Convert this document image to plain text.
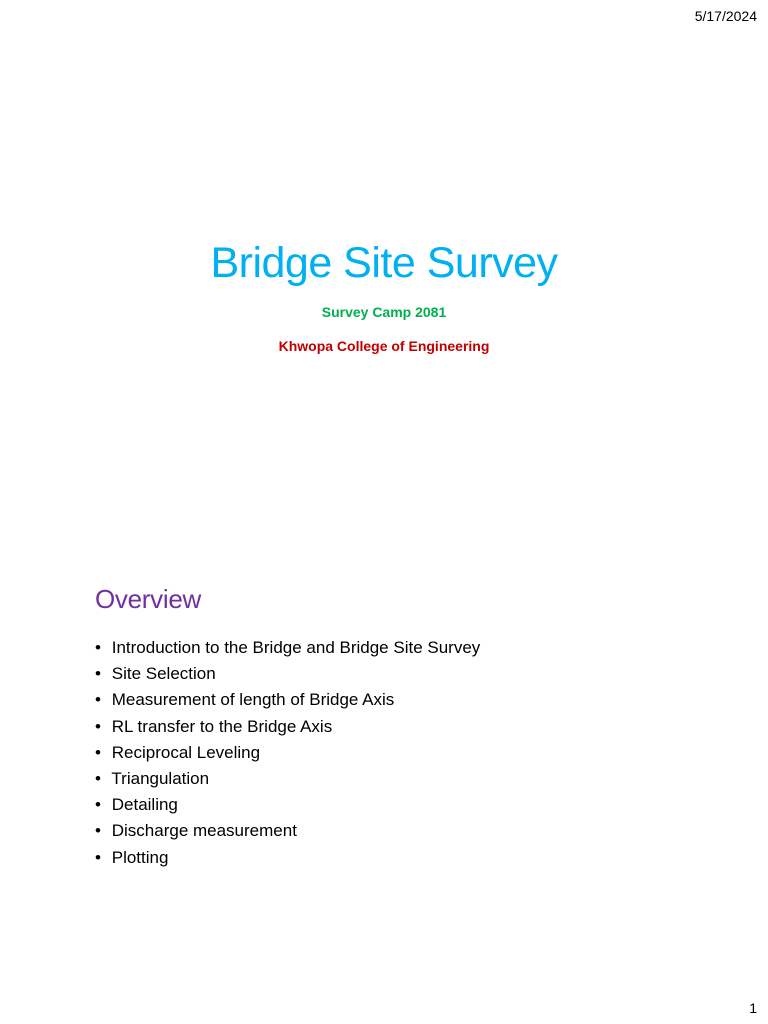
5/17/2024
Bridge Site Survey
Survey Camp 2081
Khwopa College of Engineering
Overview
• Introduction to the Bridge and Bridge Site Survey
• Site Selection
• Measurement of length of Bridge Axis
• RL transfer to the Bridge Axis
• Reciprocal Leveling
• Triangulation
• Detailing
• Discharge measurement
• Plotting
1
